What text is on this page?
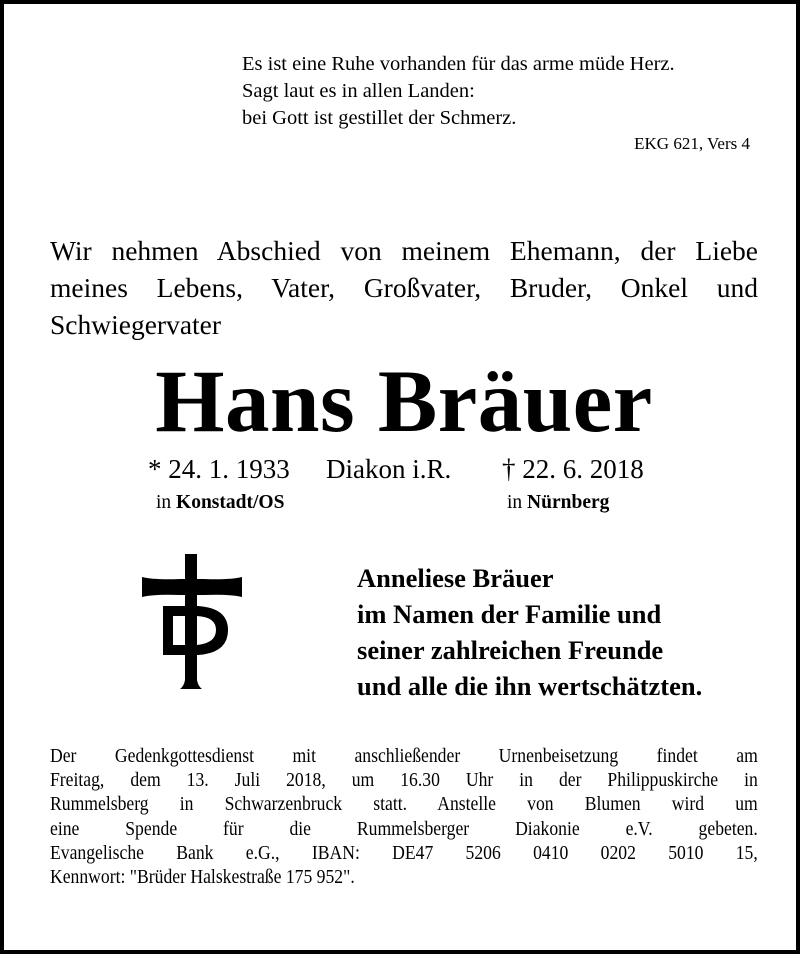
Es ist eine Ruhe vorhanden für das arme müde Herz.
Sagt laut es in allen Landen:
bei Gott ist gestillet der Schmerz.
EKG 621, Vers 4
Wir nehmen Abschied von meinem Ehemann, der Liebe
meines Lebens, Vater, Großvater, Bruder, Onkel und
Schwiegervater
Hans Bräuer
* 24. 1. 1933 Diakon i.R. † 22. 6. 2018
in Konstadt/OS	in Nürnberg
Anneliese Bräuer
im Namen der Familie und
seiner zahlreichen Freunde
und alle die ihn wertschätzten.
Der Gedenkgottesdienst mit anschließender Urnenbeisetzung findet am
Freitag, dem 13. Juli 2018, um 16.30 Uhr in der Philippuskirche in
Rummelsberg in Schwarzenbruck statt. Anstelle von Blumen wird um
eine Spende für die Rummelsberger Diakonie e.V. gebeten.
Evangelische Bank e.G., IBAN: DE47 5206 0410 0202 5010 15,
Kennwort: "Brüder Halskestraße 175 952".
